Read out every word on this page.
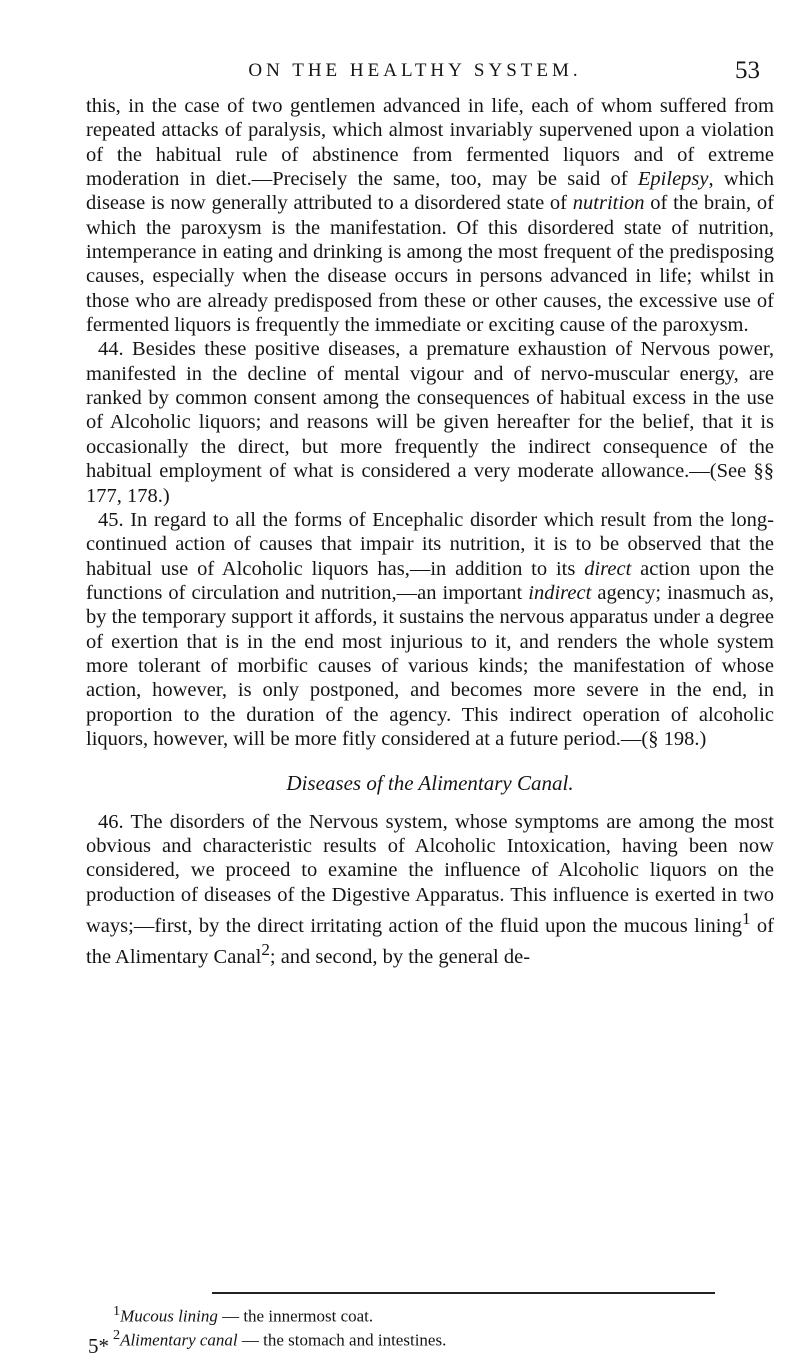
ON THE HEALTHY SYSTEM.	53

this, in the case of two gentlemen advanced in life, each of whom suffered from repeated attacks of paralysis, which almost invariably supervened upon a violation of the habitual rule of abstinence from fermented liquors and of extreme moderation in diet.—Precisely the same, too, may be said of Epilepsy, which disease is now generally attributed to a disordered state of nutrition of the brain, of which the paroxysm is the manifestation. Of this disordered state of nutrition, intemperance in eating and drinking is among the most frequent of the predisposing causes, especially when the disease occurs in persons advanced in life; whilst in those who are already predisposed from these or other causes, the excessive use of fermented liquors is frequently the immediate or exciting cause of the paroxysm.

44. Besides these positive diseases, a premature exhaustion of Nervous power, manifested in the decline of mental vigour and of nervo-muscular energy, are ranked by common consent among the consequences of habitual excess in the use of Alcoholic liquors; and reasons will be given hereafter for the belief, that it is occasionally the direct, but more frequently the indirect consequence of the habitual employment of what is considered a very moderate allowance.—(See §§ 177, 178.)

45. In regard to all the forms of Encephalic disorder which result from the long-continued action of causes that impair its nutrition, it is to be observed that the habitual use of Alcoholic liquors has,—in addition to its direct action upon the functions of circulation and nutrition,—an important indirect agency; inasmuch as, by the temporary support it affords, it sustains the nervous apparatus under a degree of exertion that is in the end most injurious to it, and renders the whole system more tolerant of morbific causes of various kinds; the manifestation of whose action, however, is only postponed, and becomes more severe in the end, in proportion to the duration of the agency. This indirect operation of alcoholic liquors, however, will be more fitly considered at a future period.—(§ 198.)

Diseases of the Alimentary Canal.

46. The disorders of the Nervous system, whose symptoms are among the most obvious and characteristic results of Alcoholic Intoxication, having been now considered, we proceed to examine the influence of Alcoholic liquors on the production of diseases of the Digestive Apparatus. This influence is exerted in two ways;—first, by the direct irritating action of the fluid upon the mucous lining$^1$ of the Alimentary Canal$^2$; and second, by the general de-

$^1$Mucous lining — the innermost coat.

$^2$Alimentary canal — the stomach and intestines.

5*
